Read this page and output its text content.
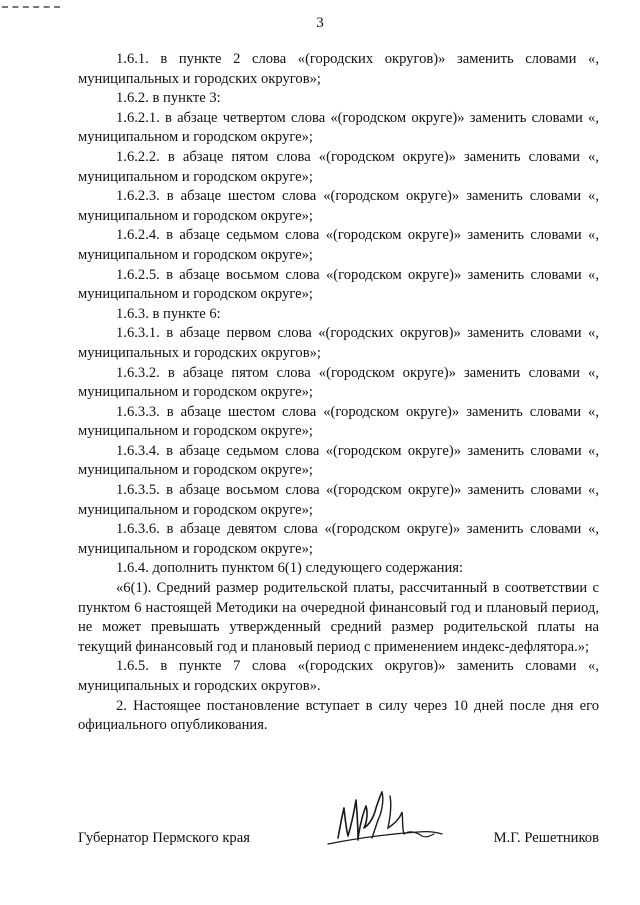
3

1.6.1. в пункте 2 слова «(городских округов)» заменить словами «, муниципальных и городских округов»;

1.6.2. в пункте 3:

1.6.2.1. в абзаце четвертом слова «(городском округе)» заменить словами «, муниципальном и городском округе»;

1.6.2.2. в абзаце пятом слова «(городском округе)» заменить словами «, муниципальном и городском округе»;

1.6.2.3. в абзаце шестом слова «(городском округе)» заменить словами «, муниципальном и городском округе»;

1.6.2.4. в абзаце седьмом слова «(городском округе)» заменить словами «, муниципальном и городском округе»;

1.6.2.5. в абзаце восьмом слова «(городском округе)» заменить словами «, муниципальном и городском округе»;

1.6.3. в пункте 6:

1.6.3.1. в абзаце первом слова «(городских округов)» заменить словами «, муниципальных и городских округов»;

1.6.3.2. в абзаце пятом слова «(городском округе)» заменить словами «, муниципальном и городском округе»;

1.6.3.3. в абзаце шестом слова «(городском округе)» заменить словами «, муниципальном и городском округе»;

1.6.3.4. в абзаце седьмом слова «(городском округе)» заменить словами «, муниципальном и городском округе»;

1.6.3.5. в абзаце восьмом слова «(городском округе)» заменить словами «, муниципальном и городском округе»;

1.6.3.6. в абзаце девятом слова «(городском округе)» заменить словами «, муниципальном и городском округе»;

1.6.4. дополнить пунктом 6(1) следующего содержания:

«6(1). Средний размер родительской платы, рассчитанный в соответствии с пунктом 6 настоящей Методики на очередной финансовый год и плановый период, не может превышать утвержденный средний размер родительской платы на текущий финансовый год и плановый период с применением индекс-дефлятора.»;

1.6.5. в пункте 7 слова «(городских округов)» заменить словами «, муниципальных и городских округов».

2. Настоящее постановление вступает в силу через 10 дней после дня его официального опубликования.

Губернатор Пермского края	М.Г. Решетников
